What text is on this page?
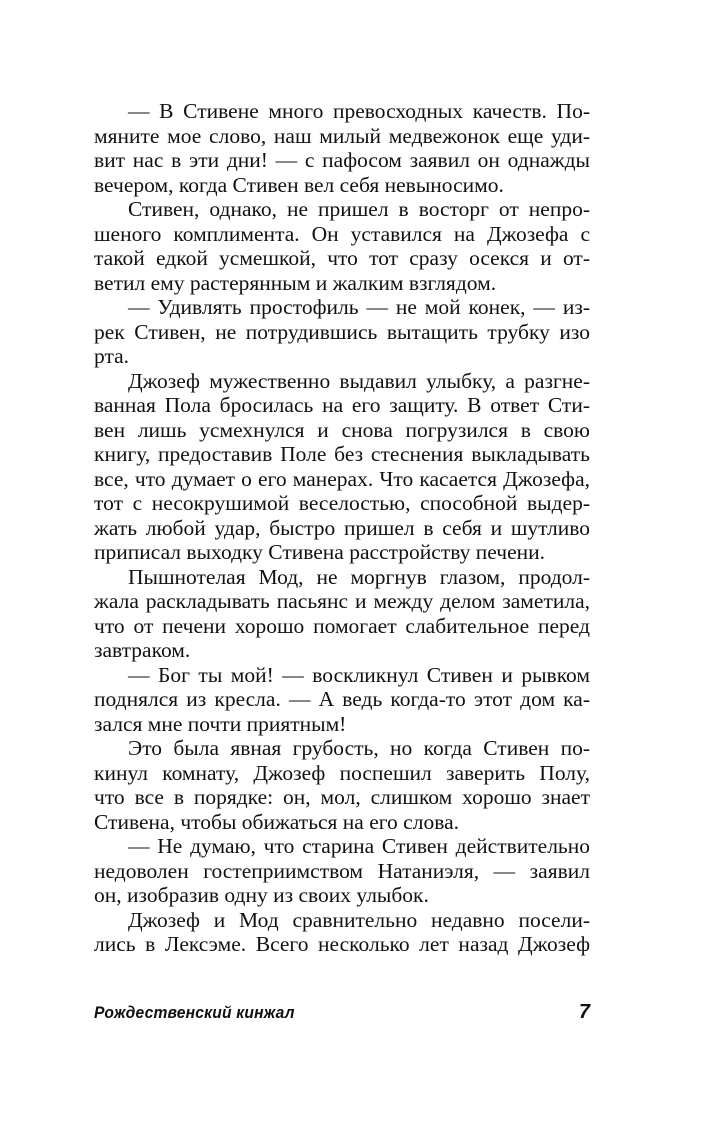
— В Стивене много превосходных качеств. По-
мяните мое слово, наш милый медвежонок еще уди-
вит нас в эти дни! — с пафосом заявил он однажды
вечером, когда Стивен вел себя невыносимо.
Стивен, однако, не пришел в восторг от непро-
шеного комплимента. Он уставился на Джозефа с
такой едкой усмешкой, что тот сразу осекся и от-
ветил ему растерянным и жалким взглядом.
— Удивлять простофиль — не мой конек, — из-
рек Стивен, не потрудившись вытащить трубку изо
рта.
Джозеф мужественно выдавил улыбку, а разгне-
ванная Пола бросилась на его защиту. В ответ Сти-
вен лишь усмехнулся и снова погрузился в свою
книгу, предоставив Поле без стеснения выкладывать
все, что думает о его манерах. Что касается Джозефа,
тот с несокрушимой веселостью, способной выдер-
жать любой удар, быстро пришел в себя и шутливо
приписал выходку Стивена расстройству печени.
Пышнотелая Мод, не моргнув глазом, продол-
жала раскладывать пасьянс и между делом заметила,
что от печени хорошо помогает слабительное перед
завтраком.
— Бог ты мой! — воскликнул Стивен и рывком
поднялся из кресла. — А ведь когда-то этот дом ка-
зался мне почти приятным!
Это была явная грубость, но когда Стивен по-
кинул комнату, Джозеф поспешил заверить Полу,
что все в порядке: он, мол, слишком хорошо знает
Стивена, чтобы обижаться на его слова.
— Не думаю, что старина Стивен действительно
недоволен гостеприимством Натаниэля, — заявил
он, изобразив одну из своих улыбок.
Джозеф и Мод сравнительно недавно посели-
лись в Лексэме. Всего несколько лет назад Джозеф
Рождественский кинжал	7
